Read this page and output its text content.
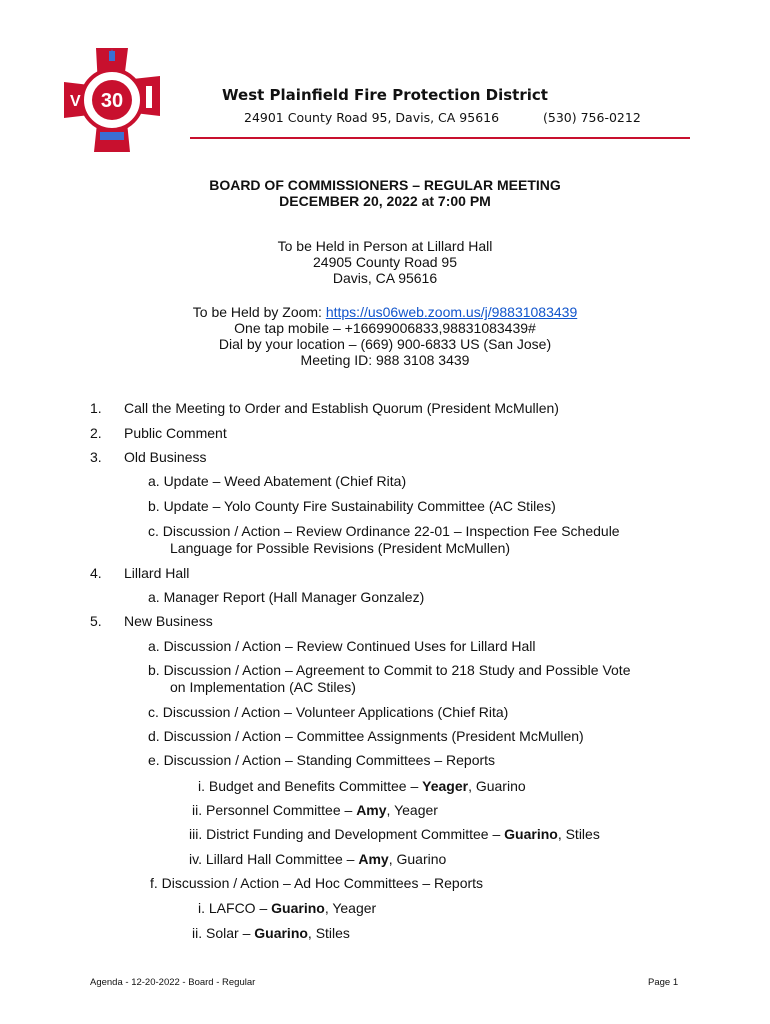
30
V	West Plainfield Fire Protection District
24901 County Road 95, Davis, CA 95616	(530) 756-0212
BOARD OF COMMISSIONERS – REGULAR MEETING
DECEMBER 20, 2022 at 7:00 PM
To be Held in Person at Lillard Hall
24905 County Road 95
Davis, CA 95616
To be Held by Zoom: https://us06web.zoom.us/j/98831083439
One tap mobile – +16699006833,98831083439#
Dial by your location – (669) 900-6833 US (San Jose)
Meeting ID: 988 3108 3439
1. Call the Meeting to Order and Establish Quorum (President McMullen)
2. Public Comment
3. Old Business
a. Update – Weed Abatement (Chief Rita)
b. Update – Yolo County Fire Sustainability Committee (AC Stiles)
c. Discussion / Action – Review Ordinance 22-01 – Inspection Fee Schedule
Language for Possible Revisions (President McMullen)
4. Lillard Hall
a. Manager Report (Hall Manager Gonzalez)
5. New Business
a. Discussion / Action – Review Continued Uses for Lillard Hall
b. Discussion / Action – Agreement to Commit to 218 Study and Possible Vote
on Implementation (AC Stiles)
c. Discussion / Action – Volunteer Applications (Chief Rita)
d. Discussion / Action – Committee Assignments (President McMullen)
e. Discussion / Action – Standing Committees – Reports
i. Budget and Benefits Committee – Yeager, Guarino
ii. Personnel Committee – Amy, Yeager
iii. District Funding and Development Committee – Guarino, Stiles
iv. Lillard Hall Committee – Amy, Guarino
f. Discussion / Action – Ad Hoc Committees – Reports
i. LAFCO – Guarino, Yeager
ii. Solar – Guarino, Stiles
Agenda - 12-20-2022 - Board - Regular	Page 1
